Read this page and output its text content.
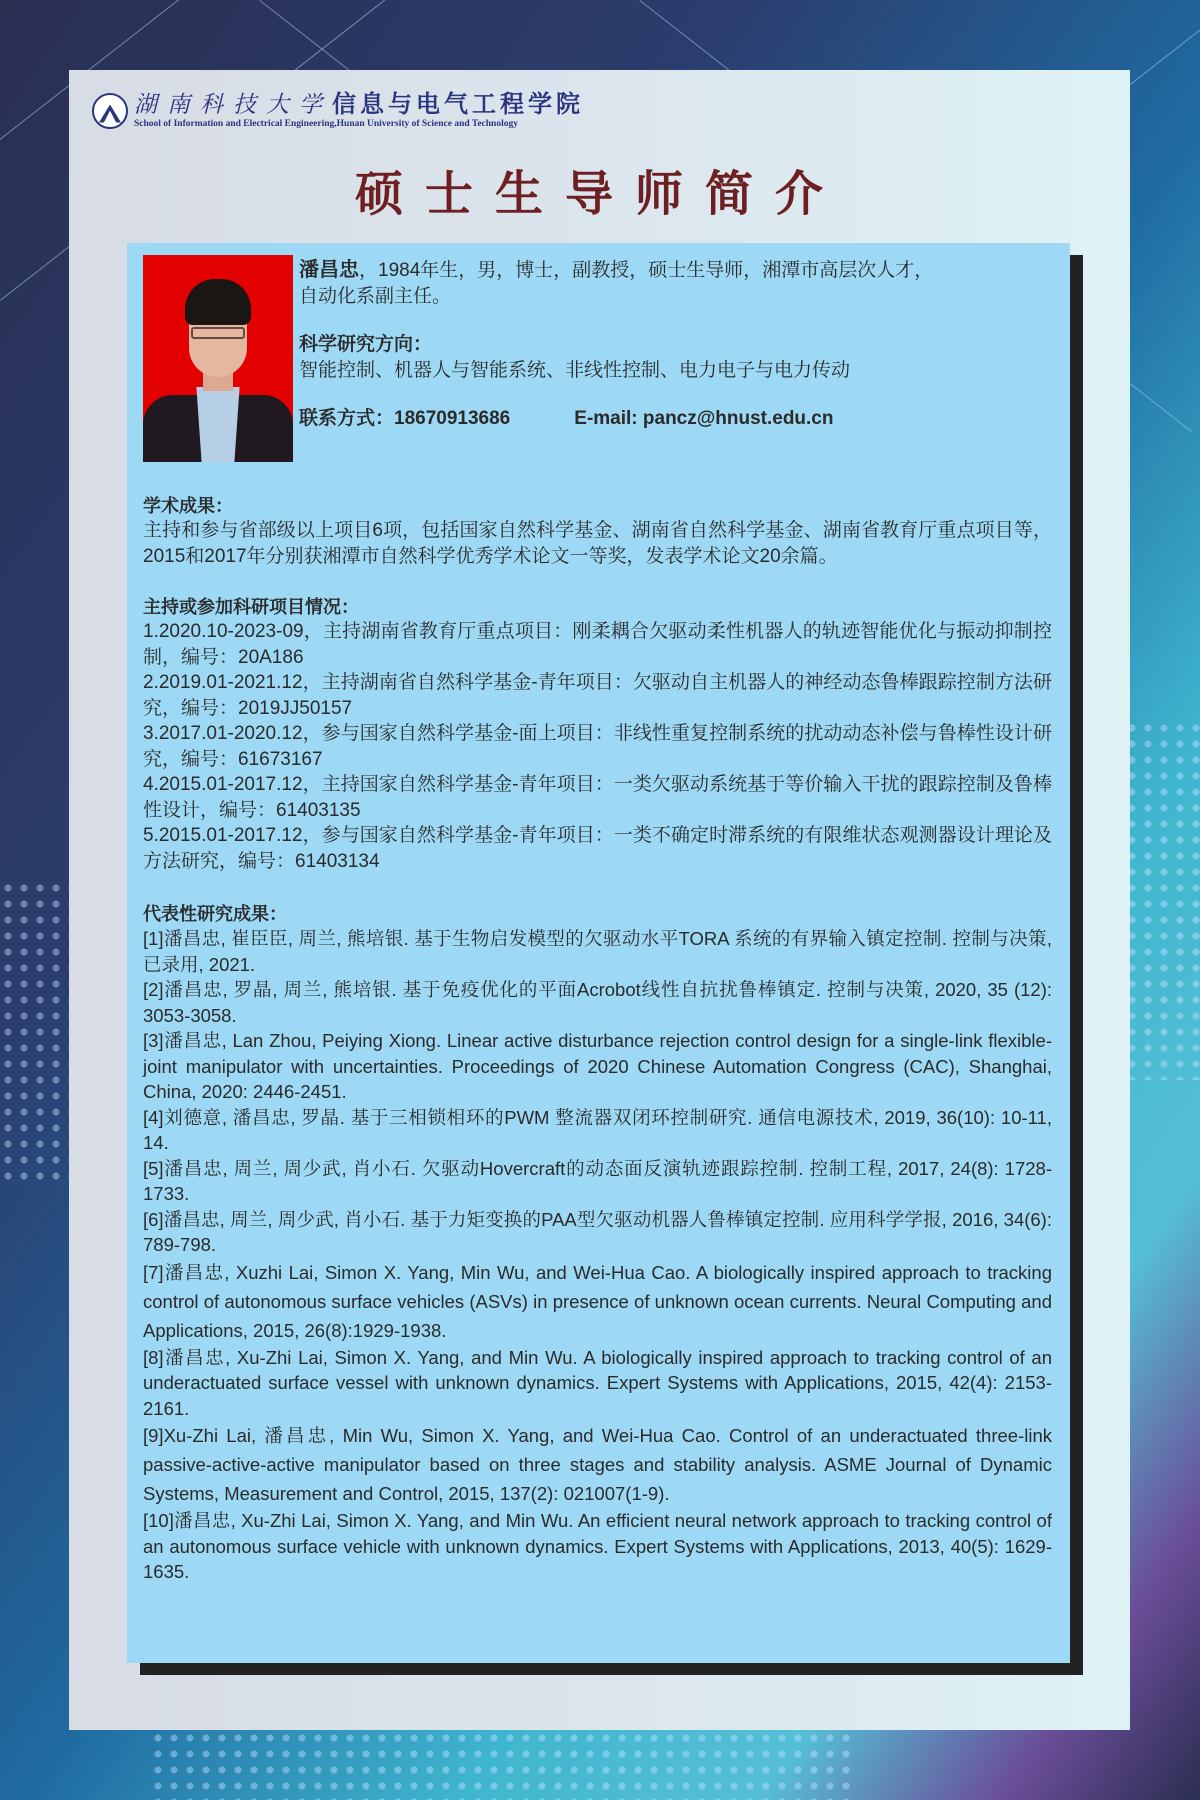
湖南科技大学 信息与电气工程学院
School of Information and Electrical Engineering,Hunan University of Science and Technology
硕士生导师简介
潘昌忠，1984年生，男，博士，副教授，硕士生导师，湘潭市高层次人才，
自动化系副主任。
科学研究方向：
智能控制、机器人与智能系统、非线性控制、电力电子与电力传动
联系方式：18670913686	E-mail: pancz@hnust.edu.cn
学术成果：
主持和参与省部级以上项目6项，包括国家自然科学基金、湖南省自然科学基金、湖南省教育厅重点项目等，2015和2017年分别获湘潭市自然科学优秀学术论文一等奖，发表学术论文20余篇。
主持或参加科研项目情况：
1.2020.10-2023-09，主持湖南省教育厅重点项目：刚柔耦合欠驱动柔性机器人的轨迹智能优化与振动抑制控制，编号：20A186
2.2019.01-2021.12，主持湖南省自然科学基金-青年项目：欠驱动自主机器人的神经动态鲁棒跟踪控制方法研究，编号：2019JJ50157
3.2017.01-2020.12，参与国家自然科学基金-面上项目：非线性重复控制系统的扰动动态补偿与鲁棒性设计研究，编号：61673167
4.2015.01-2017.12，主持国家自然科学基金-青年项目：一类欠驱动系统基于等价输入干扰的跟踪控制及鲁棒性设计，编号：61403135
5.2015.01-2017.12，参与国家自然科学基金-青年项目：一类不确定时滞系统的有限维状态观测器设计理论及方法研究，编号：61403134
代表性研究成果：
[1]潘昌忠, 崔臣臣, 周兰, 熊培银. 基于生物启发模型的欠驱动水平TORA 系统的有界输入镇定控制. 控制与决策, 已录用, 2021.
[2]潘昌忠, 罗晶, 周兰, 熊培银. 基于免疫优化的平面Acrobot线性自抗扰鲁棒镇定. 控制与决策, 2020, 35 (12): 3053-3058.
[3]潘昌忠, Lan Zhou, Peiying Xiong. Linear active disturbance rejection control design for a single-link flexible-joint manipulator with uncertainties. Proceedings of 2020 Chinese Automation Congress (CAC), Shanghai, China, 2020: 2446-2451.
[4]刘德意, 潘昌忠, 罗晶. 基于三相锁相环的PWM 整流器双闭环控制研究. 通信电源技术, 2019, 36(10): 10-11, 14.
[5]潘昌忠, 周兰, 周少武, 肖小石. 欠驱动Hovercraft的动态面反演轨迹跟踪控制. 控制工程, 2017, 24(8): 1728-1733.
[6]潘昌忠, 周兰, 周少武, 肖小石. 基于力矩变换的PAA型欠驱动机器人鲁棒镇定控制. 应用科学学报, 2016, 34(6): 789-798.
[7]潘昌忠, Xuzhi Lai, Simon X. Yang, Min Wu, and Wei-Hua Cao. A biologically inspired approach to tracking control of autonomous surface vehicles (ASVs) in presence of unknown ocean currents. Neural Computing and Applications, 2015, 26(8):1929-1938.
[8]潘昌忠, Xu-Zhi Lai, Simon X. Yang, and Min Wu. A biologically inspired approach to tracking control of an underactuated surface vessel with unknown dynamics. Expert Systems with Applications, 2015, 42(4): 2153-2161.
[9]Xu-Zhi Lai, 潘昌忠, Min Wu, Simon X. Yang, and Wei-Hua Cao. Control of an underactuated three-link passive-active-active manipulator based on three stages and stability analysis. ASME Journal of Dynamic Systems, Measurement and Control, 2015, 137(2): 021007(1-9).
[10]潘昌忠, Xu-Zhi Lai, Simon X. Yang, and Min Wu. An efficient neural network approach to tracking control of an autonomous surface vehicle with unknown dynamics. Expert Systems with Applications, 2013, 40(5): 1629-1635.
